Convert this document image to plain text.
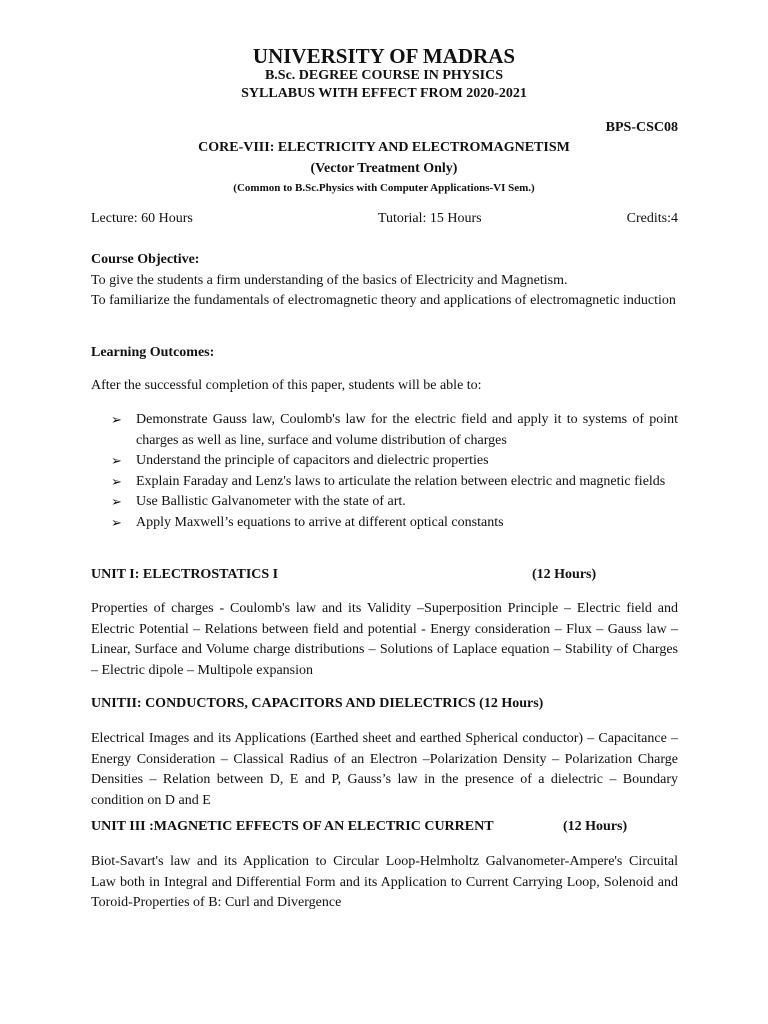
UNIVERSITY OF MADRAS
B.Sc. DEGREE COURSE IN PHYSICS
SYLLABUS WITH EFFECT FROM 2020-2021
BPS-CSC08
CORE-VIII: ELECTRICITY AND ELECTROMAGNETISM
(Vector Treatment Only)
(Common to B.Sc.Physics with Computer Applications-VI Sem.)
Lecture: 60 Hours	Tutorial: 15 Hours	Credits:4
Course Objective:
To give the students a firm understanding of the basics of Electricity and Magnetism.
To familiarize the fundamentals of electromagnetic theory and applications of electromagnetic induction
Learning Outcomes:
After the successful completion of this paper, students will be able to:
➢ Demonstrate Gauss law, Coulomb's law for the electric field and apply it to systems of point charges as well as line, surface and volume distribution of charges
➢ Understand the principle of capacitors and dielectric properties
➢ Explain Faraday and Lenz's laws to articulate the relation between electric and magnetic fields
➢ Use Ballistic Galvanometer with the state of art.
➢ Apply Maxwell’s equations to arrive at different optical constants
UNIT I: ELECTROSTATICS I	(12 Hours)
Properties of charges - Coulomb's law and its Validity –Superposition Principle – Electric field and Electric Potential – Relations between field and potential - Energy consideration – Flux – Gauss law – Linear, Surface and Volume charge distributions – Solutions of Laplace equation – Stability of Charges – Electric dipole – Multipole expansion
UNITII: CONDUCTORS, CAPACITORS AND DIELECTRICS (12 Hours)
Electrical Images and its Applications (Earthed sheet and earthed Spherical conductor) – Capacitance – Energy Consideration – Classical Radius of an Electron –Polarization Density – Polarization Charge Densities – Relation between D, E and P, Gauss’s law in the presence of a dielectric – Boundary condition on D and E
UNIT III :MAGNETIC EFFECTS OF AN ELECTRIC CURRENT	(12 Hours)
Biot-Savart's law and its Application to Circular Loop-Helmholtz Galvanometer-Ampere's Circuital Law both in Integral and Differential Form and its Application to Current Carrying Loop, Solenoid and Toroid-Properties of B: Curl and Divergence
